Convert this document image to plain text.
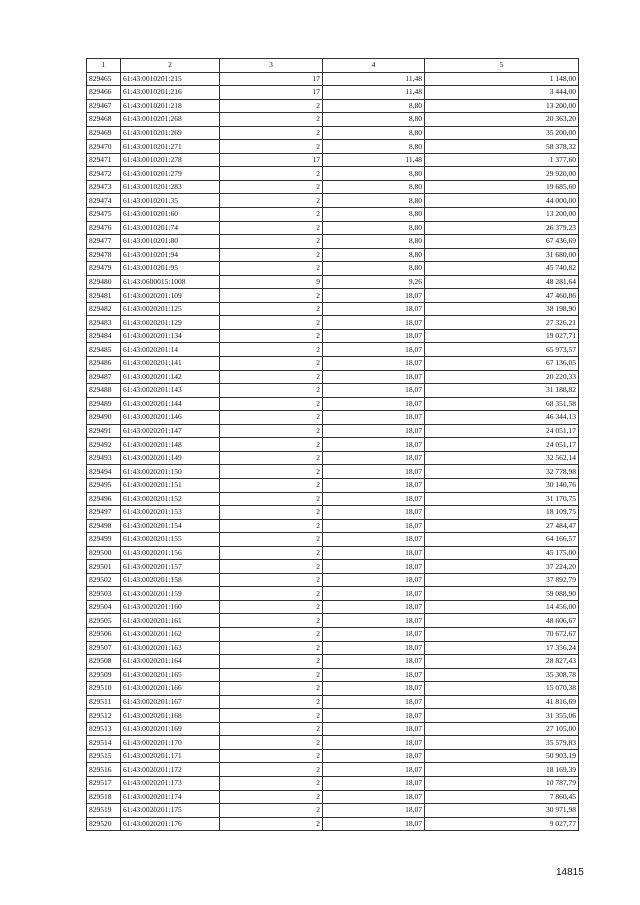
1	2	3	4	5
829465	61:43:0010201:215	17	11,48	1 148,00
829466	61:43:0010201:216	17	11,48	3 444,00
829467	61:43:0010201:218	2	8,80	13 200,00
829468	61:43:0010201:268	2	8,80	20 363,20
829469	61:43:0010201:269	2	8,80	35 200,00
829470	61:43:0010201:271	2	8,80	58 378,32
829471	61:43:0010201:278	17	11,48	1 377,60
829472	61:43:0010201:279	2	8,80	29 920,00
829473	61:43:0010201:283	2	8,80	19 685,60
829474	61:43:0010201:35	2	8,80	44 000,00
829475	61:43:0010201:60	2	8,80	13 200,00
829476	61:43:0010201:74	2	8,80	26 379,23
829477	61:43:0010201:80	2	8,80	67 436,69
829478	61:43:0010201:94	2	8,80	31 680,00
829479	61:43:0010201:95	2	8,80	45 740,82
829480	61:43:0600015:1008	9	9,26	48 281,64
829481	61:43:0020201:109	2	18,07	47 460,86
829482	61:43:0020201:125	2	18,07	38 198,90
829483	61:43:0020201:129	2	18,07	27 326,21
829484	61:43:0020201:134	2	18,07	19 027,71
829485	61:43:0020201:14	2	18,07	65 973,57
829486	61:43:0020201:141	2	18,07	67 136,05
829487	61:43:0020201:142	2	18,07	20 220,33
829488	61:43:0020201:143	2	18,07	31 188,82
829489	61:43:0020201:144	2	18,07	68 351,58
829490	61:43:0020201:146	2	18,07	46 344,13
829491	61:43:0020201:147	2	18,07	24 051,17
829492	61:43:0020201:148	2	18,07	24 051,17
829493	61:43:0020201:149	2	18,07	32 562,14
829494	61:43:0020201:150	2	18,07	32 778,98
829495	61:43:0020201:151	2	18,07	30 140,76
829496	61:43:0020201:152	2	18,07	31 170,75
829497	61:43:0020201:153	2	18,07	18 109,75
829498	61:43:0020201:154	2	18,07	27 484,47
829499	61:43:0020201:155	2	18,07	64 166,57
829500	61:43:0020201:156	2	18,07	45 175,00
829501	61:43:0020201:157	2	18,07	37 224,20
829502	61:43:0020201:158	2	18,07	37 892,79
829503	61:43:0020201:159	2	18,07	59 088,90
829504	61:43:0020201:160	2	18,07	14 456,00
829505	61:43:0020201:161	2	18,07	48 606,67
829506	61:43:0020201:162	2	18,07	70 672,67
829507	61:43:0020201:163	2	18,07	17 356,24
829508	61:43:0020201:164	2	18,07	28 827,43
829509	61:43:0020201:165	2	18,07	35 308,78
829510	61:43:0020201:166	2	18,07	15 070,38
829511	61:43:0020201:167	2	18,07	41 816,69
829512	61:43:0020201:168	2	18,07	31 355,06
829513	61:43:0020201:169	2	18,07	27 105,00
829514	61:43:0020201:170	2	18,07	35 579,83
829515	61:43:0020201:171	2	18,07	50 903,19
829516	61:43:0020201:172	2	18,07	18 169,39
829517	61:43:0020201:173	2	18,07	10 787,79
829518	61:43:0020201:174	2	18,07	7 860,45
829519	61:43:0020201:175	2	18,07	30 971,98
829520	61:43:0020201:176	2	18,07	9 027,77
14815
